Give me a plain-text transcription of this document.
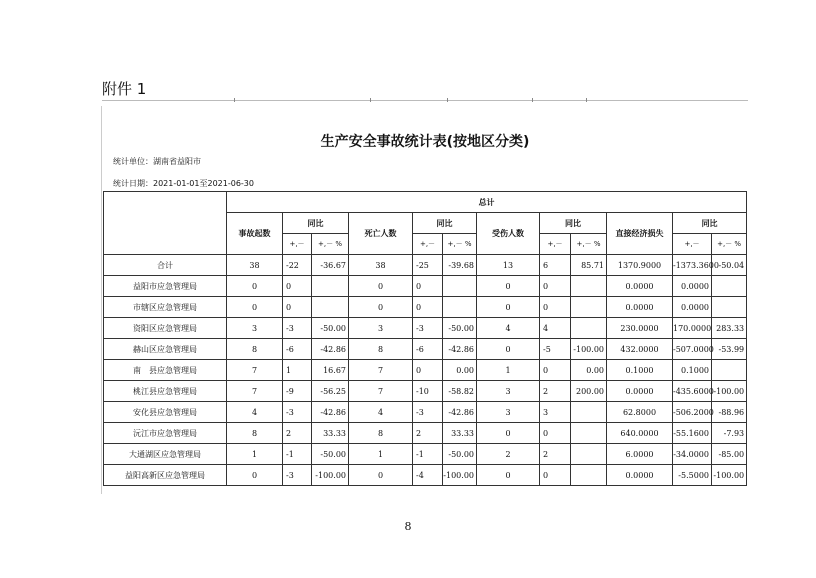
附件 1
生产安全事故统计表(按地区分类)
统计单位：湖南省益阳市
统计日期：2021-01-01至2021-06-30
	总计											
	事故起数	同比		死亡人数	同比		受伤人数	同比		直接经济损失	同比	
		+,－	+,－ %		+,－	+,－ %		+,－	+,－ %		+,－	+,－ %
合计	38	-22	-36.67	38	-25	-39.68	13	6	85.71	1370.9000	-1373.3600	-50.04
益阳市应急管理局	0	0		0	0		0	0		0.0000	0.0000	
市辖区应急管理局	0	0		0	0		0	0		0.0000	0.0000	
资阳区应急管理局	3	-3	-50.00	3	-3	-50.00	4	4		230.0000	170.0000	283.33
赫山区应急管理局	8	-6	-42.86	8	-6	-42.86	0	-5	-100.00	432.0000	-507.0000	-53.99
南　县应急管理局	7	1	16.67	7	0	0.00	1	0	0.00	0.1000	0.1000	
桃江县应急管理局	7	-9	-56.25	7	-10	-58.82	3	2	200.00	0.0000	-435.6000	-100.00
安化县应急管理局	4	-3	-42.86	4	-3	-42.86	3	3		62.8000	-506.2000	-88.96
沅江市应急管理局	8	2	33.33	8	2	33.33	0	0		640.0000	-55.1600	-7.93
大通湖区应急管理局	1	-1	-50.00	1	-1	-50.00	2	2		6.0000	-34.0000	-85.00
益阳高新区应急管理局	0	-3	-100.00	0	-4	-100.00	0	0		0.0000	-5.5000	-100.00
8
